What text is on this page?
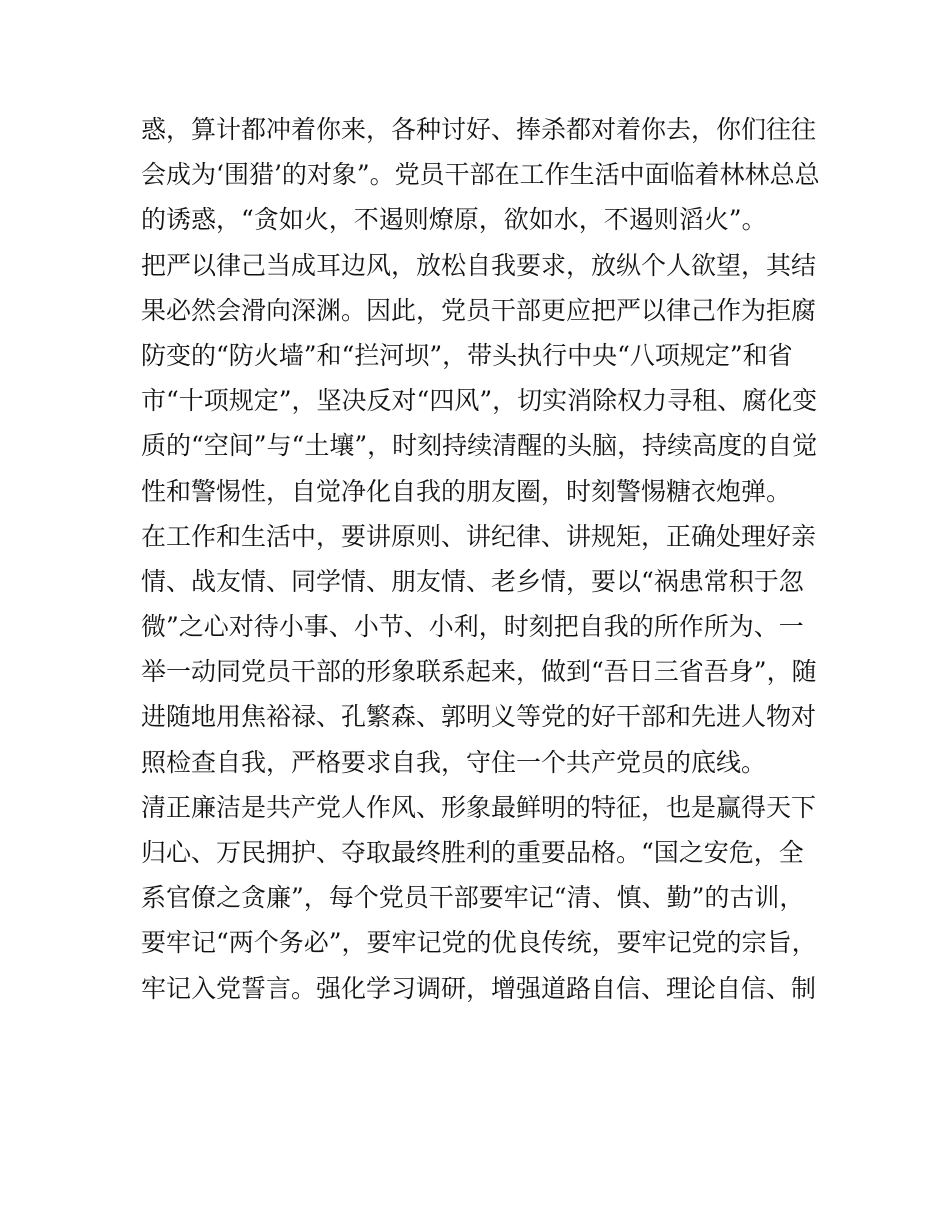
惑，算计都冲着你来，各种讨好、捧杀都对着你去，你们往往
会成为‘围猎’的对象”。党员干部在工作生活中面临着林林总总
的诱惑，“贪如火，不遏则燎原，欲如水，不遏则滔火”。
把严以律己当成耳边风，放松自我要求，放纵个人欲望，其结
果必然会滑向深渊。因此，党员干部更应把严以律己作为拒腐
防变的“防火墙”和“拦河坝”，带头执行中央“八项规定”和省
市“十项规定”，坚决反对“四风”，切实消除权力寻租、腐化变
质的“空间”与“土壤”，时刻持续清醒的头脑，持续高度的自觉
性和警惕性，自觉净化自我的朋友圈，时刻警惕糖衣炮弹。
在工作和生活中，要讲原则、讲纪律、讲规矩，正确处理好亲
情、战友情、同学情、朋友情、老乡情，要以“祸患常积于忽
微”之心对待小事、小节、小利，时刻把自我的所作所为、一
举一动同党员干部的形象联系起来，做到“吾日三省吾身”，随
进随地用焦裕禄、孔繁森、郭明义等党的好干部和先进人物对
照检查自我，严格要求自我，守住一个共产党员的底线。
清正廉洁是共产党人作风、形象最鲜明的特征，也是赢得天下
归心、万民拥护、夺取最终胜利的重要品格。“国之安危，全
系官僚之贪廉”，每个党员干部要牢记“清、慎、勤”的古训，
要牢记“两个务必”，要牢记党的优良传统，要牢记党的宗旨，
牢记入党誓言。强化学习调研，增强道路自信、理论自信、制
